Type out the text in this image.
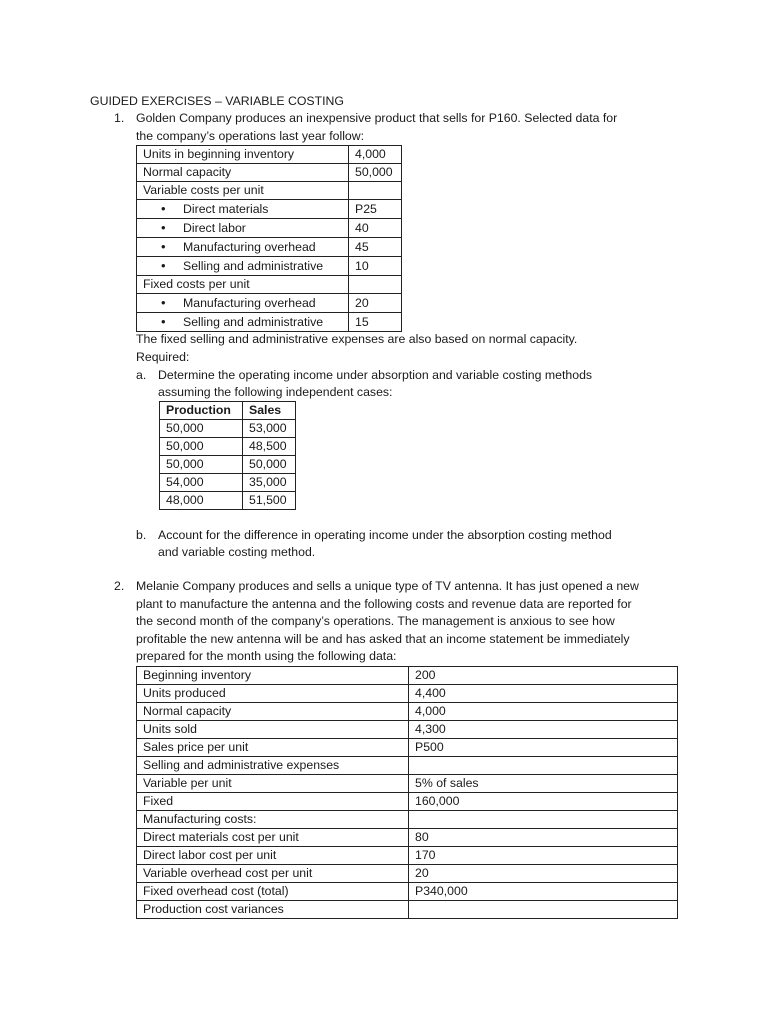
GUIDED EXERCISES – VARIABLE COSTING
1. Golden Company produces an inexpensive product that sells for P160. Selected data for
the company’s operations last year follow:
Units in beginning inventory	4,000
Normal capacity	50,000
Variable costs per unit	
• Direct materials	P25
• Direct labor	40
• Manufacturing overhead	45
• Selling and administrative	10
Fixed costs per unit	
• Manufacturing overhead	20
• Selling and administrative	15
The fixed selling and administrative expenses are also based on normal capacity.
Required:
a. Determine the operating income under absorption and variable costing methods
assuming the following independent cases:
Production	Sales
50,000	53,000

50,000	48,500
50,000	50,000
54,000	35,000
48,000	51,500
b. Account for the difference in operating income under the absorption costing method
and variable costing method.
2. Melanie Company produces and sells a unique type of TV antenna. It has just opened a new
plant to manufacture the antenna and the following costs and revenue data are reported for
the second month of the company’s operations. The management is anxious to see how
profitable the new antenna will be and has asked that an income statement be immediately
prepared for the month using the following data:
Beginning inventory	200
Units produced	4,400
Normal capacity	4,000
Units sold	4,300
Sales price per unit	P500
Selling and administrative expenses	
Variable per unit	5% of sales
Fixed	160,000
Manufacturing costs:	
Direct materials cost per unit	80
Direct labor cost per unit	170
Variable overhead cost per unit	20
Fixed overhead cost (total)	P340,000
Production cost variances	
